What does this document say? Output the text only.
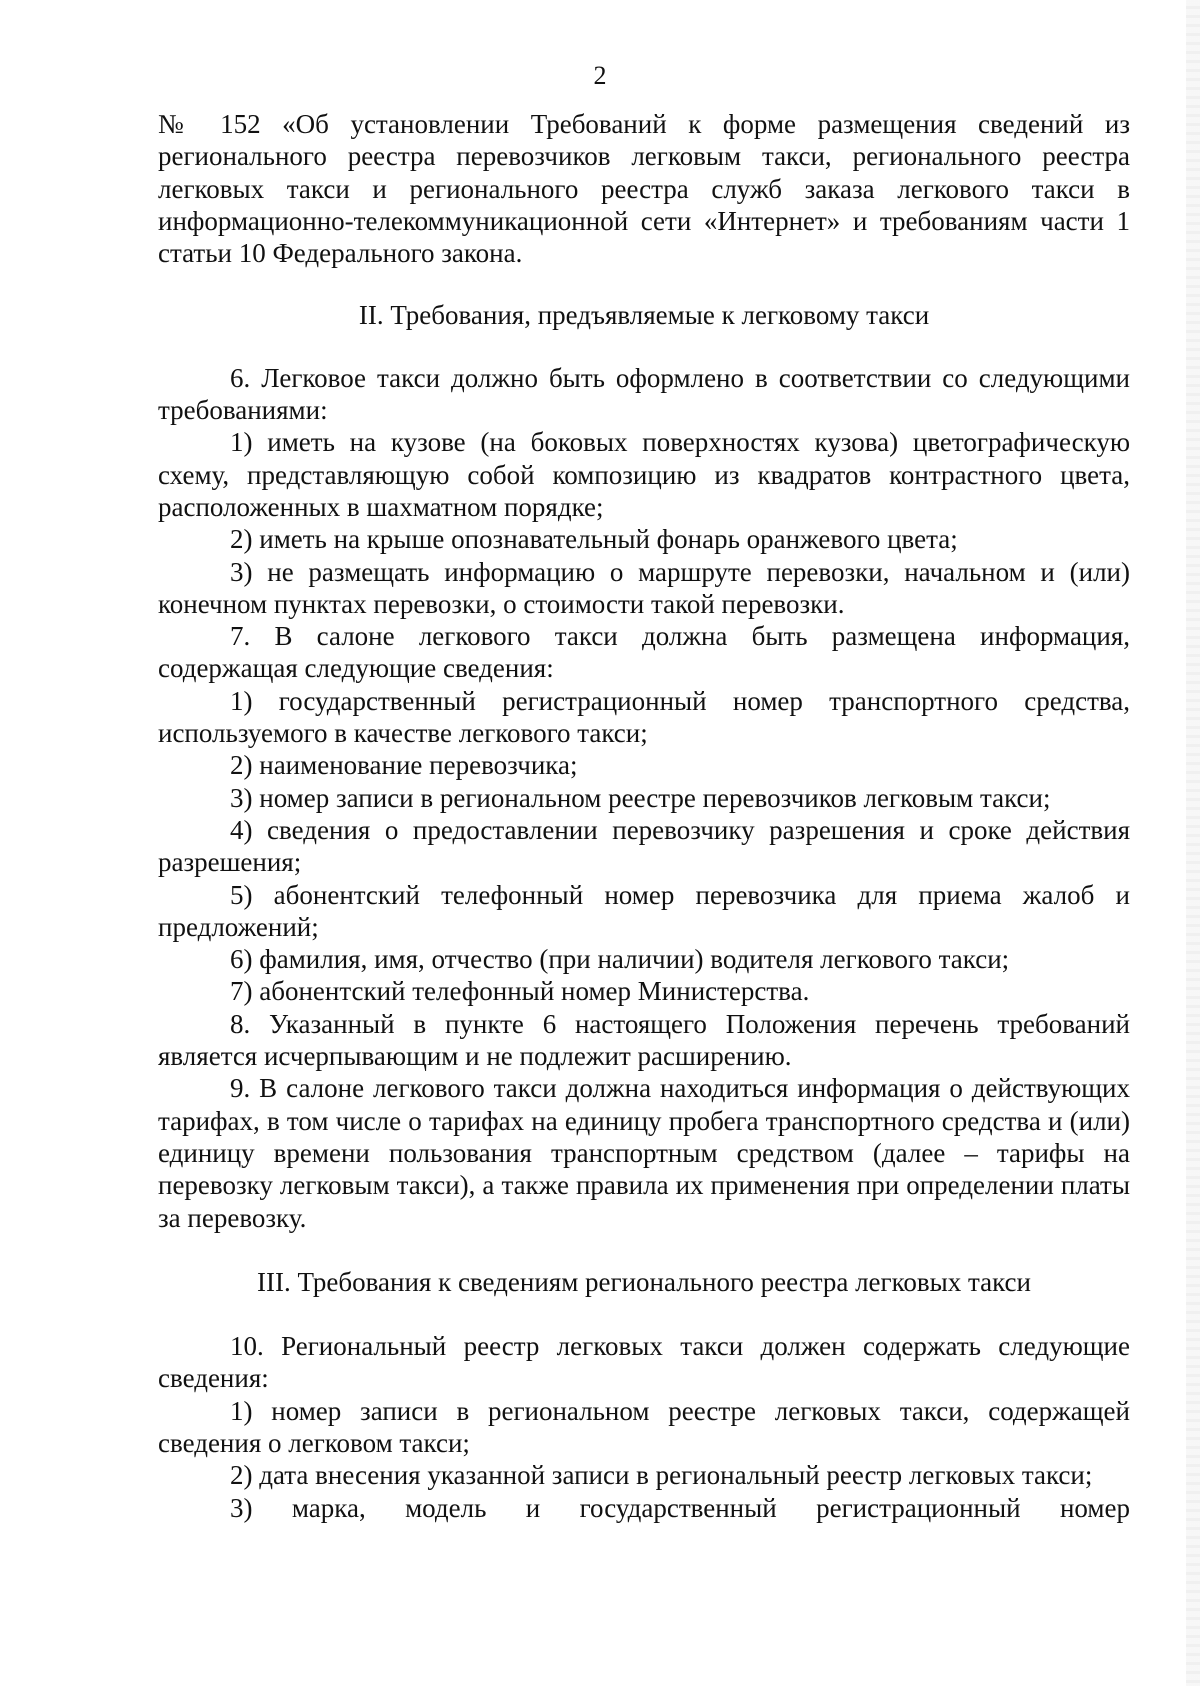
2

№ 152 «Об установлении Требований к форме размещения сведений из регионального реестра перевозчиков легковым такси, регионального реестра легковых такси и регионального реестра служб заказа легкового такси в информационно-телекоммуникационной сети «Интернет» и требованиям части 1 статьи 10 Федерального закона.

II. Требования, предъявляемые к легковому такси

6. Легковое такси должно быть оформлено в соответствии со следующими требованиями:

1) иметь на кузове (на боковых поверхностях кузова) цветографическую схему, представляющую собой композицию из квадратов контрастного цвета, расположенных в шахматном порядке;

2) иметь на крыше опознавательный фонарь оранжевого цвета;

3) не размещать информацию о маршруте перевозки, начальном и (или) конечном пунктах перевозки, о стоимости такой перевозки.

7. В салоне легкового такси должна быть размещена информация, содержащая следующие сведения:

1) государственный регистрационный номер транспортного средства, используемого в качестве легкового такси;

2) наименование перевозчика;

3) номер записи в региональном реестре перевозчиков легковым такси;

4) сведения о предоставлении перевозчику разрешения и сроке действия разрешения;

5) абонентский телефонный номер перевозчика для приема жалоб и предложений;

6) фамилия, имя, отчество (при наличии) водителя легкового такси;

7) абонентский телефонный номер Министерства.

8. Указанный в пункте 6 настоящего Положения перечень требований является исчерпывающим и не подлежит расширению.

9. В салоне легкового такси должна находиться информация о действующих тарифах, в том числе о тарифах на единицу пробега транспортного средства и (или) единицу времени пользования транспортным средством (далее – тарифы на перевозку легковым такси), а также правила их применения при определении платы за перевозку.

III. Требования к сведениям регионального реестра легковых такси

10. Региональный реестр легковых такси должен содержать следующие сведения:

1) номер записи в региональном реестре легковых такси, содержащей сведения о легковом такси;

2) дата внесения указанной записи в региональный реестр легковых такси;

3) марка, модель и государственный регистрационный номер
